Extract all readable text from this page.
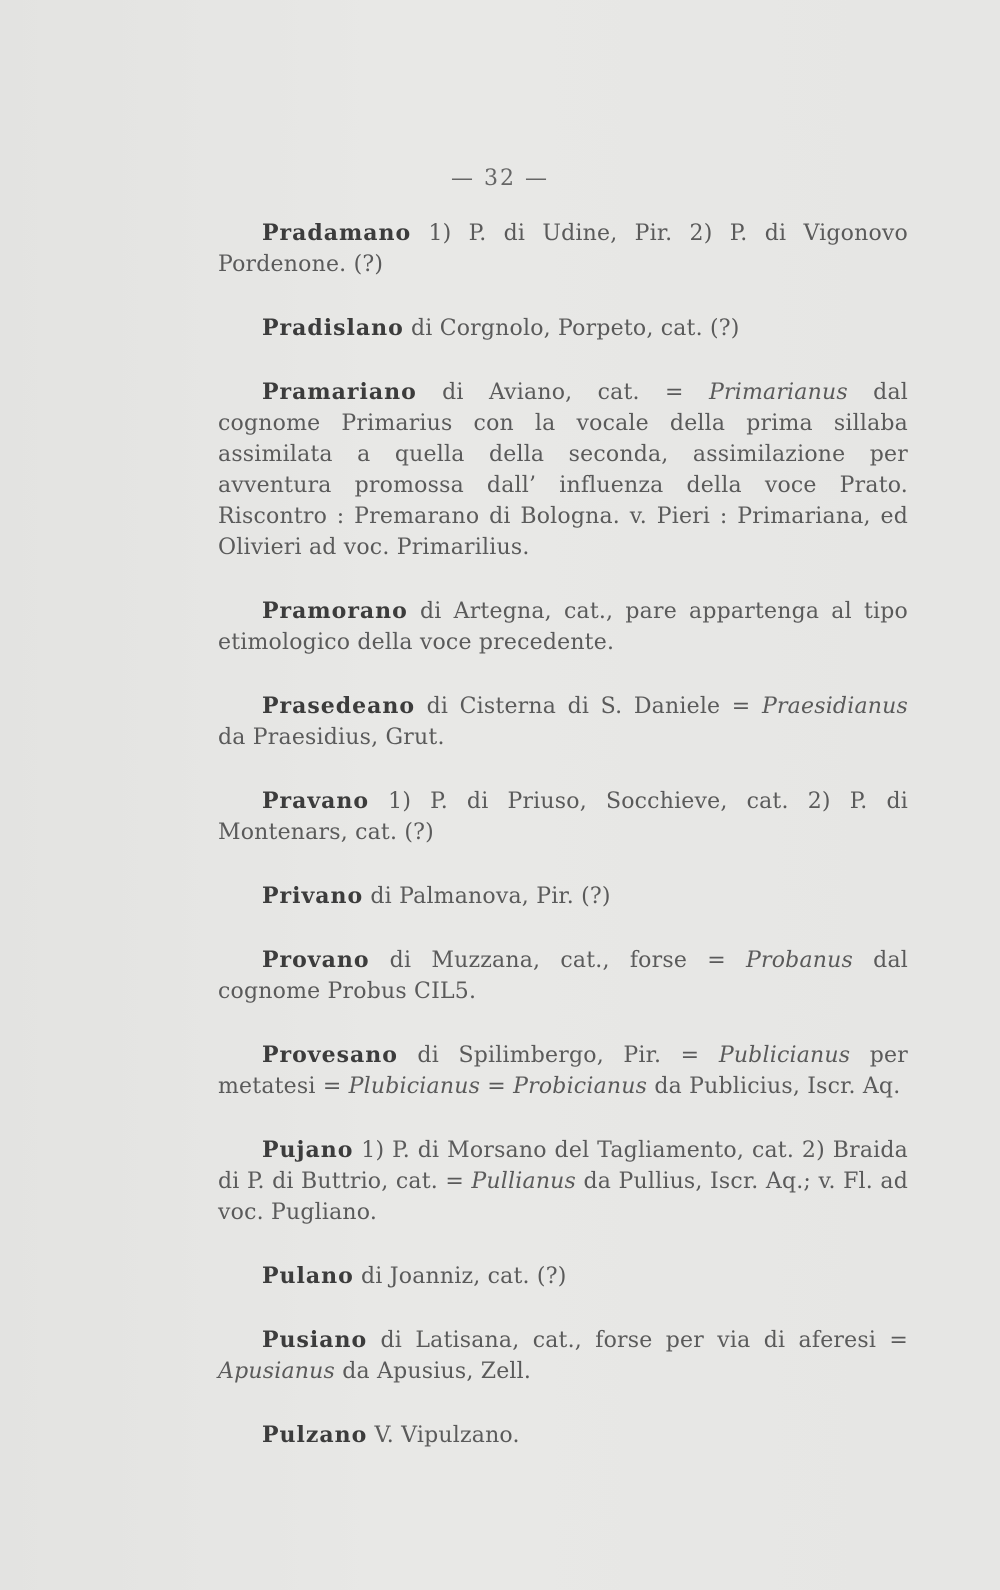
— 32 —

Pradamano 1) P. di Udine, Pir. 2) P. di Vigonovo Pordenone. (?)

Pradislano di Corgnolo, Porpeto, cat. (?)

Pramariano di Aviano, cat. = Primarianus dal cognome Primarius con la vocale della prima sillaba assimilata a quella della seconda, assimilazione per avventura promossa dall’ influenza della voce Prato. Riscontro : Premarano di Bologna. v. Pieri : Primariana, ed Olivieri ad voc. Primarilius.

Pramorano di Artegna, cat., pare appartenga al tipo etimologico della voce precedente.

Prasedeano di Cisterna di S. Daniele = Praesidianus da Praesidius, Grut.

Pravano 1) P. di Priuso, Socchieve, cat. 2) P. di Montenars, cat. (?)

Privano di Palmanova, Pir. (?)

Provano di Muzzana, cat., forse = Probanus dal cognome Probus CIL5.

Provesano di Spilimbergo, Pir. = Publicianus per metatesi = Plubicianus = Probicianus da Publicius, Iscr. Aq.

Pujano 1) P. di Morsano del Tagliamento, cat. 2) Braida di P. di Buttrio, cat. = Pullianus da Pullius, Iscr. Aq.; v. Fl. ad voc. Pugliano.

Pulano di Joanniz, cat. (?)

Pusiano di Latisana, cat., forse per via di aferesi = Apusianus da Apusius, Zell.

Pulzano V. Vipulzano.
